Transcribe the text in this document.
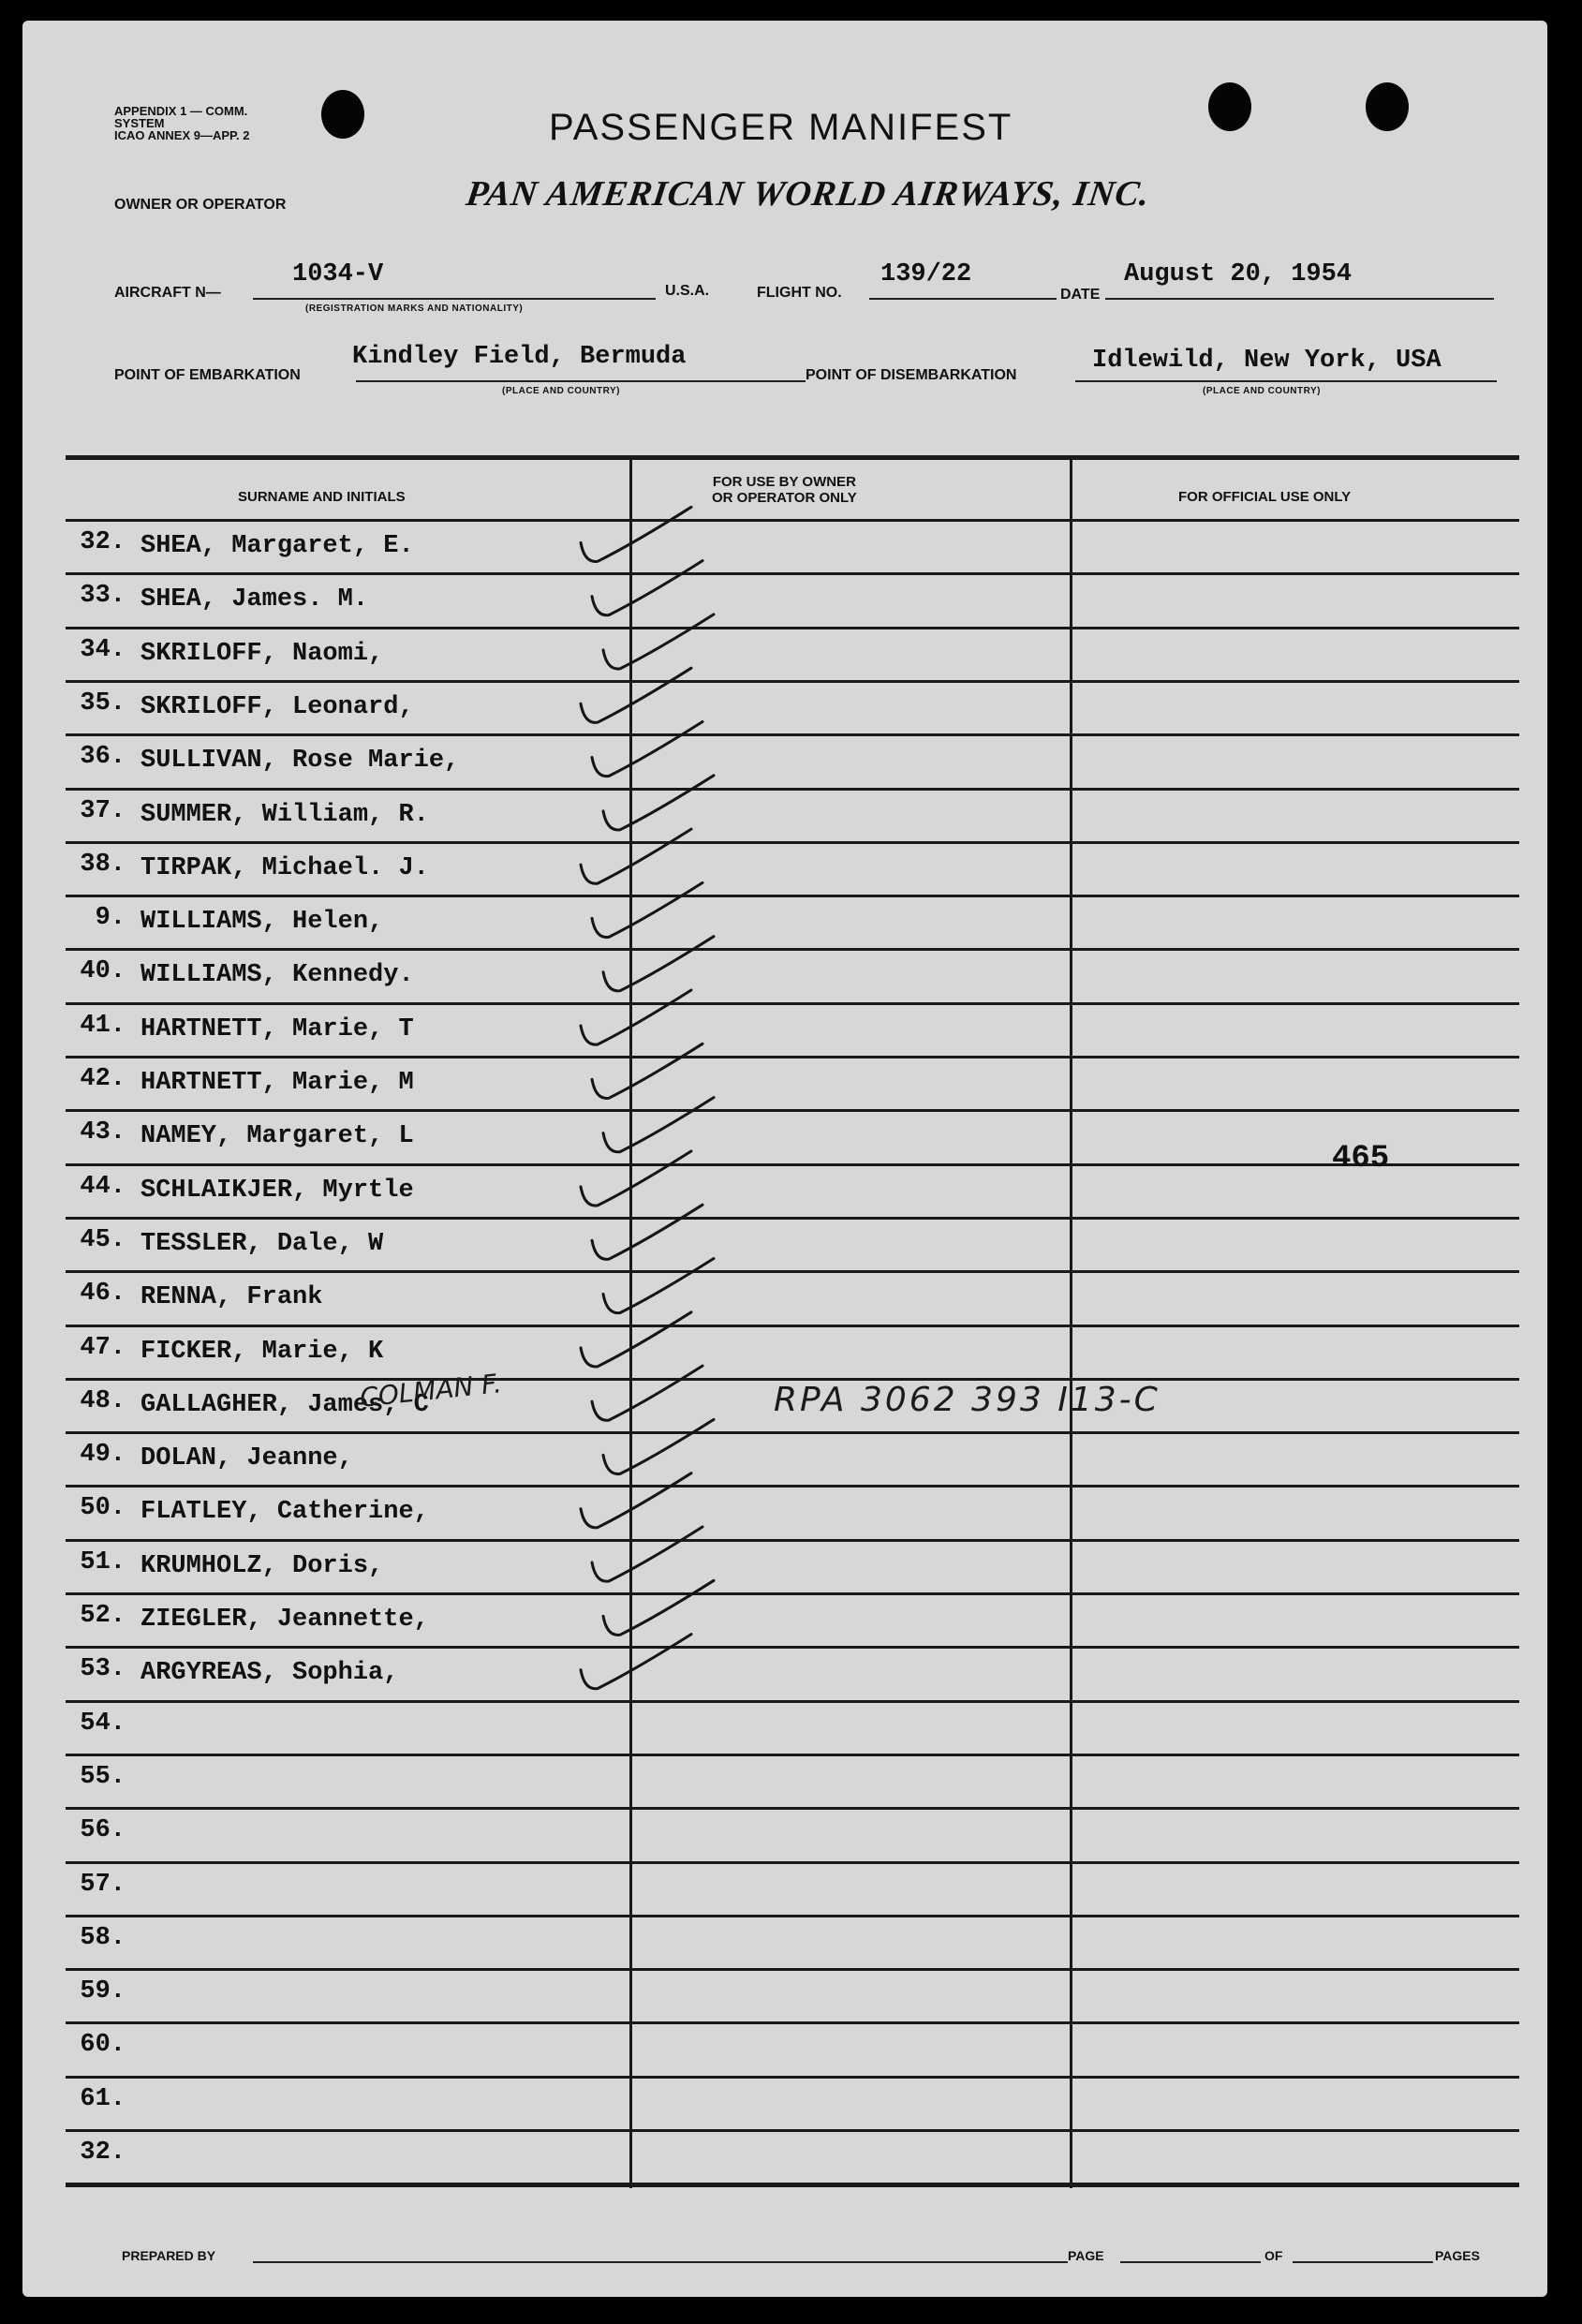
APPENDIX 1 — COMM.
SYSTEM
ICAO ANNEX 9—APP. 2	PASSENGER MANIFEST
OWNER OR OPERATOR	PAN AMERICAN WORLD AIRWAYS, INC.
AIRCRAFT N—
1034-V
(REGISTRATION MARKS AND NATIONALITY)
U.S.A.	FLIGHT NO.
139/22
DATE
August 20, 1954
POINT OF EMBARKATION
Kindley Field, Bermuda
(PLACE AND COUNTRY)
POINT OF DISEMBARKATION
Idlewild, New York, USA
(PLACE AND COUNTRY)
SURNAME AND INITIALS
FOR USE BY OWNER
OR OPERATOR ONLY	FOR OFFICIAL USE ONLY
32. SHEA, Margaret, E.
33. SHEA, James. M.
34. SKRILOFF, Naomi,
35. SKRILOFF, Leonard,
36. SULLIVAN, Rose Marie,
37. SUMMER, William, R.
38. TIRPAK, Michael. J.
9. WILLIAMS, Helen,
40. WILLIAMS, Kennedy.
41. HARTNETT, Marie, T
42. HARTNETT, Marie, M
43. NAMEY, Margaret, L
44. SCHLAIKJER, Myrtle
45. TESSLER, Dale, W
46. RENNA, Frank
47. FICKER, Marie, K
48. GALLAGHER, James, C
49. DOLAN, Jeanne,
50. FLATLEY, Catherine,
51. KRUMHOLZ, Doris,
52. ZIEGLER, Jeannette,
53. ARGYREAS, Sophia,
54.
55.
56.
57.
58.
59.
60.
61.
32.
COLMAN F.	RPA 3062 393 I13-C
465
PREPARED BY	PAGE	OF	PAGES
